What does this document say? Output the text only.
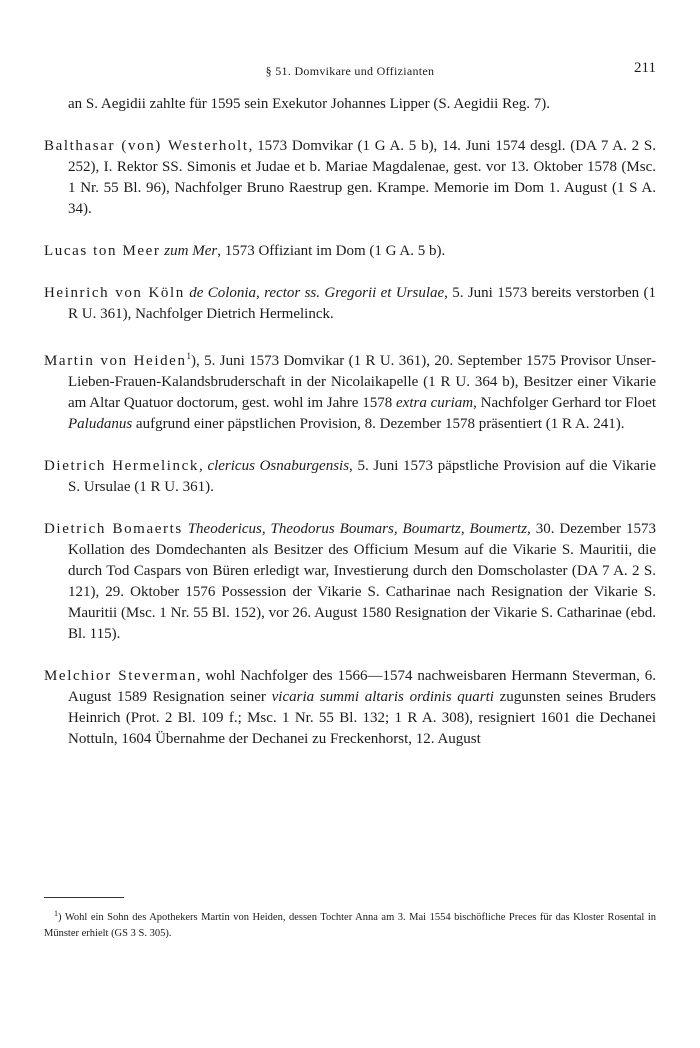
§ 51. Domvikare und Offizianten	211

an S. Aegidii zahlte für 1595 sein Exekutor Johannes Lipper (S. Aegidii Reg. 7).

Balthasar (von) Westerholt, 1573 Domvikar (1 G A. 5 b), 14. Juni 1574 desgl. (DA 7 A. 2 S. 252), I. Rektor SS. Simonis et Judae et b. Mariae Magdalenae, gest. vor 13. Oktober 1578 (Msc. 1 Nr. 55 Bl. 96), Nachfolger Bruno Raestrup gen. Krampe. Memorie im Dom 1. August (1 S A. 34).

Lucas ton Meer zum Mer, 1573 Offiziant im Dom (1 G A. 5 b).

Heinrich von Köln de Colonia, rector ss. Gregorii et Ursulae, 5. Juni 1573 bereits verstorben (1 R U. 361), Nachfolger Dietrich Hermelinck.

Martin von Heiden$^1$), 5. Juni 1573 Domvikar (1 R U. 361), 20. September 1575 Provisor Unser-Lieben-Frauen-Kalandsbruderschaft in der Nicolaikapelle (1 R U. 364 b), Besitzer einer Vikarie am Altar Quatuor doctorum, gest. wohl im Jahre 1578 extra curiam, Nachfolger Gerhard tor Floet Paludanus aufgrund einer päpstlichen Provision, 8. Dezember 1578 präsentiert (1 R A. 241).

Dietrich Hermelinck, clericus Osnaburgensis, 5. Juni 1573 päpstliche Provision auf die Vikarie S. Ursulae (1 R U. 361).

Dietrich Bomaerts Theodericus, Theodorus Boumars, Boumartz, Boumertz, 30. Dezember 1573 Kollation des Domdechanten als Besitzer des Officium Mesum auf die Vikarie S. Mauritii, die durch Tod Caspars von Büren erledigt war, Investierung durch den Domscholaster (DA 7 A. 2 S. 121), 29. Oktober 1576 Possession der Vikarie S. Catharinae nach Resignation der Vikarie S. Mauritii (Msc. 1 Nr. 55 Bl. 152), vor 26. August 1580 Resignation der Vikarie S. Catharinae (ebd. Bl. 115).

Melchior Steverman, wohl Nachfolger des 1566—1574 nachweisbaren Hermann Steverman, 6. August 1589 Resignation seiner vicaria summi altaris ordinis quarti zugunsten seines Bruders Heinrich (Prot. 2 Bl. 109 f.; Msc. 1 Nr. 55 Bl. 132; 1 R A. 308), resigniert 1601 die Dechanei Nottuln, 1604 Übernahme der Dechanei zu Freckenhorst, 12. August

$^1$) Wohl ein Sohn des Apothekers Martin von Heiden, dessen Tochter Anna am 3. Mai 1554 bischöfliche Preces für das Kloster Rosental in Münster erhielt (GS 3 S. 305).
